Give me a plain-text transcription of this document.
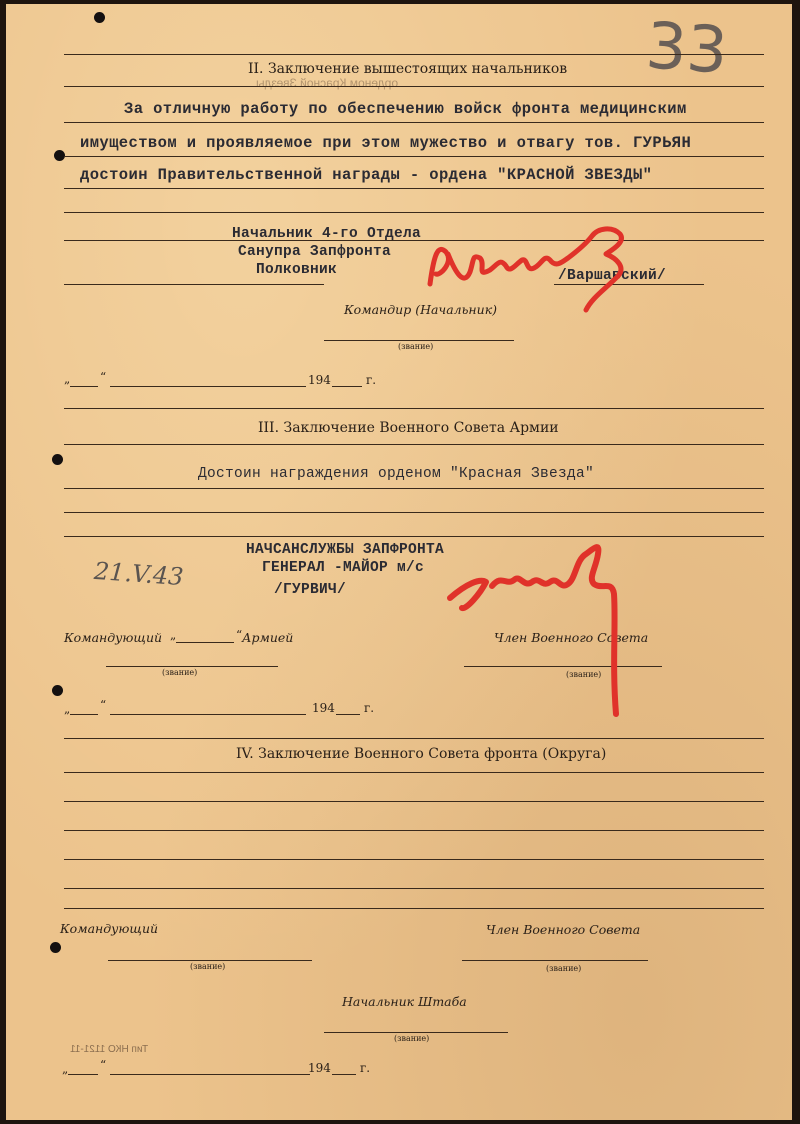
33
II. Заключение вышестоящих начальников
орденом Красной Звезды
За отличную работу по обеспечению войск фронта медицинским
имуществом и проявляемое при этом мужество и отвагу тов. ГУРЬЯН
достоин Правительственной награды - ордена "КРАСНОЙ ЗВЕЗДЫ"
Начальник 4-го Отдела
Санупра Запфронта
Полковник	/Варшавский/
Командир (Начальник)
(звание)
„ “	194	г.
III. Заключение Военного Совета Армии
Достоин награждения орденом "Красная Звезда"
НАЧСАНСЛУЖБЫ ЗАПФРОНТА
ГЕНЕРАЛ -МАЙОР м/с
/ГУРВИЧ/
21.V.43
Командующий „	“ Армией	Член Военного Совета
(звание)	(звание)
„ “	194 г.
IV. Заключение Военного Совета фронта (Округа)
Командующий	Член Военного Совета
(звание)	(звание)
Начальник Штаба
(звание)
Тип НКО 1121-11
„	“	194 г.
